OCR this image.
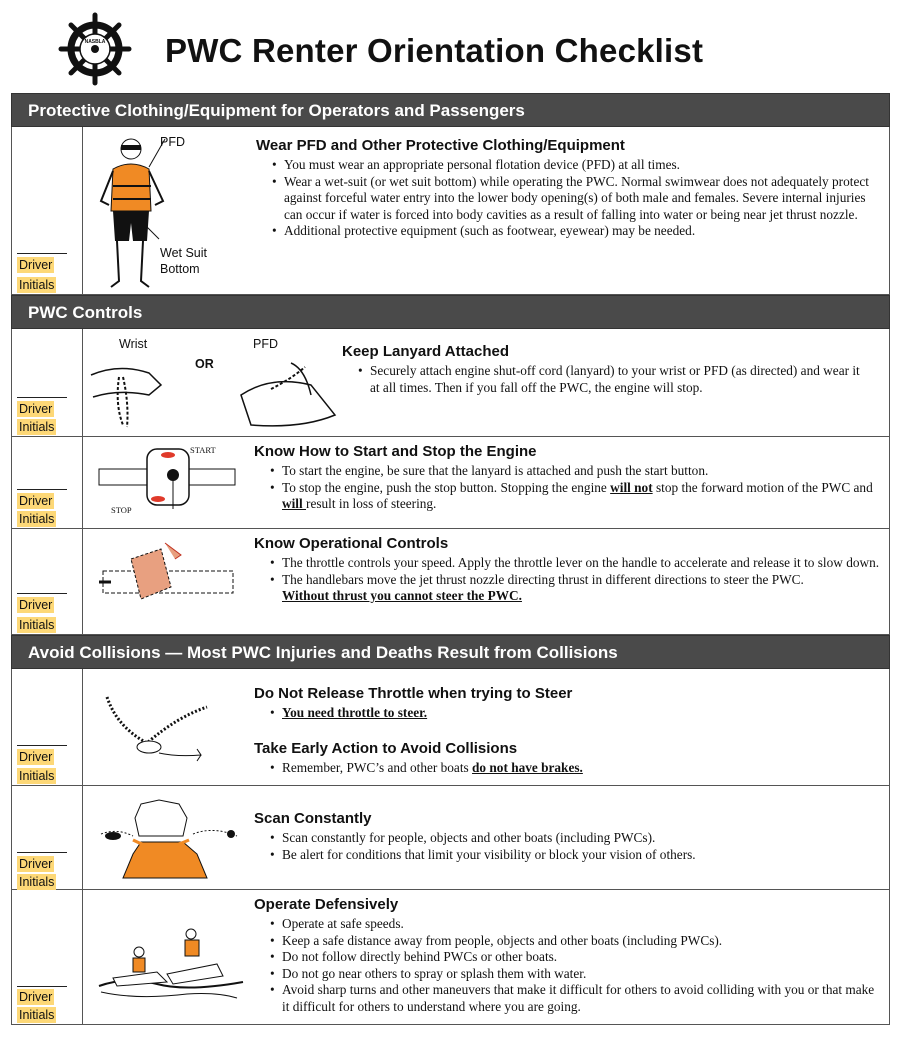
NASBLA PWC Renter Orientation Checklist
Protective Clothing/Equipment for Operators and Passengers
Driver
Initials
PFD
Wet Suit
Bottom
Wear PFD and Other Protective Clothing/Equipment
• You must wear an appropriate personal flotation device (PFD) at all times.
• Wear a wet-suit (or wet suit bottom) while operating the PWC. Normal swimwear does not adequately protect against forceful water entry into the lower body opening(s) of both male and females. Severe internal injuries can occur if water is forced into body cavities as a result of falling into water or being near jet thrust nozzle.
• Additional protective equipment (such as footwear, eyewear) may be needed.
PWC Controls
Driver
Initials
Wrist
OR
PFD	Keep Lanyard Attached
• Securely attach engine shut-off cord (lanyard) to your wrist or PFD (as directed) and wear it at all times. Then if you fall off the PWC, the engine will stop.
Driver
Initials
START
STOP
Know How to Start and Stop the Engine
• To start the engine, be sure that the lanyard is attached and push the start button.
• To stop the engine, push the stop button. Stopping the engine will not stop the forward motion of the PWC and will result in loss of steering.
Driver
Initials
Know Operational Controls
• The throttle controls your speed. Apply the throttle lever on the handle to accelerate and release it to slow down.
• The handlebars move the jet thrust nozzle directing thrust in different directions to steer the PWC.
Without thrust you cannot steer the PWC.
Avoid Collisions — Most PWC Injuries and Deaths Result from Collisions
Driver
Initials
Do Not Release Throttle when trying to Steer
• You need throttle to steer.
Take Early Action to Avoid Collisions
• Remember, PWC’s and other boats do not have brakes.
Driver
Initials
Scan Constantly
• Scan constantly for people, objects and other boats (including PWCs).
• Be alert for conditions that limit your visibility or block your vision of others.
Driver
Initials
Operate Defensively
• Operate at safe speeds.
• Keep a safe distance away from people, objects and other boats (including PWCs).
• Do not follow directly behind PWCs or other boats.
• Do not go near others to spray or splash them with water.
• Avoid sharp turns and other maneuvers that make it difficult for others to avoid colliding with you or that make it difficult for others to understand where you are going.
